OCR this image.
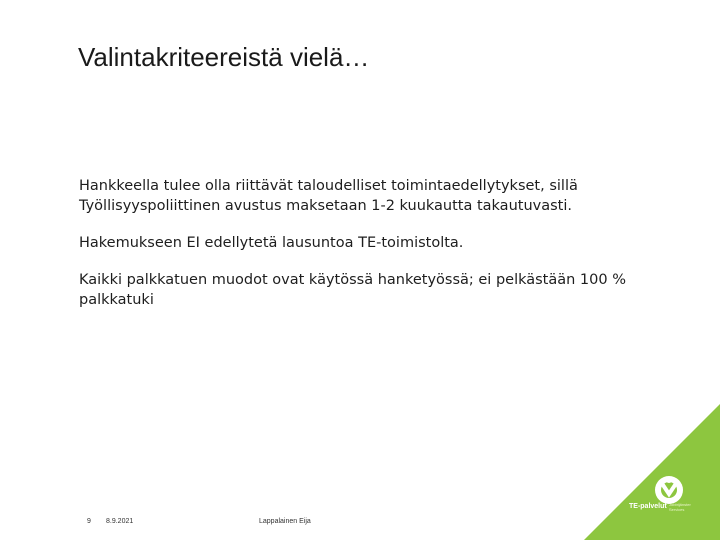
Valintakriteereistä vielä…

Hankkeella tulee olla riittävät taloudelliset toimintaedellytykset, sillä Työllisyyspoliittinen avustus maksetaan 1-2 kuukautta takautuvasti.

Hakemukseen EI edellytetä lausuntoa TE-toimistolta.

Kaikki palkkatuen muodot ovat käytössä hanketyössä; ei pelkästään 100 % palkkatuki

TE-palvelut Jobbtjänster
Services
9 8.9.2021	Lappalainen Eija
